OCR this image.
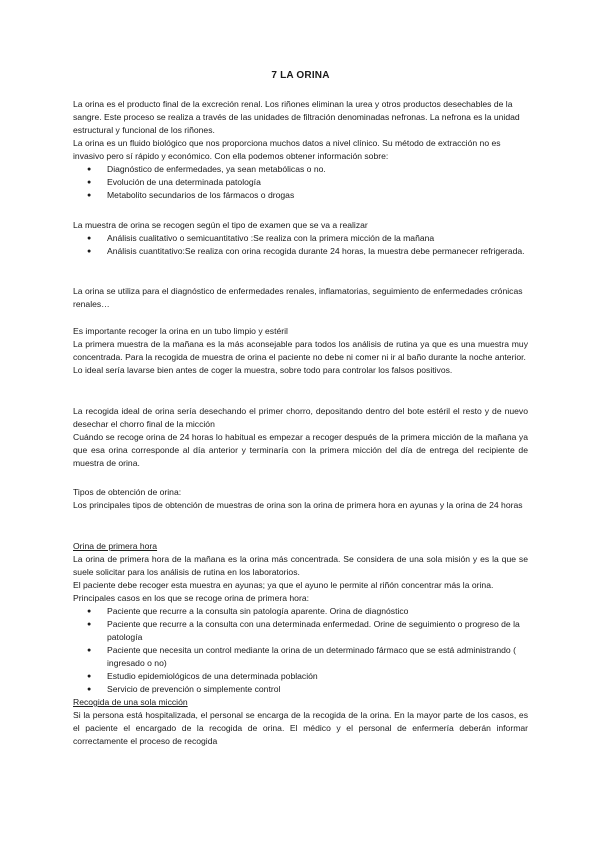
7 LA ORINA

La orina es el producto final de la excreción renal. Los riñones eliminan la urea y otros productos desechables de la sangre. Este proceso se realiza a través de las unidades de filtración denominadas nefronas. La nefrona es la unidad estructural y funcional de los riñones.

La orina es un fluido biológico que nos proporciona muchos datos a nivel clínico. Su método de extracción no es invasivo pero sí rápido y económico. Con ella podemos obtener información sobre:

● Diagnóstico de enfermedades, ya sean metabólicas o no.
● Evolución de una determinada patología
● Metabolito secundarios de los fármacos o drogas

La muestra de orina se recogen según el tipo de examen que se va a realizar

● Análisis cualitativo o semicuantitativo :Se realiza con la primera micción de la mañana
● Análisis cuantitativo:Se realiza con orina recogida durante 24 horas, la muestra debe permanecer refrigerada.

La orina se utiliza para el diagnóstico de enfermedades renales, inflamatorias, seguimiento de enfermedades crónicas renales…

Es importante recoger la orina en un tubo limpio y estéril

La primera muestra de la mañana es la más aconsejable para todos los análisis de rutina ya que es una muestra muy concentrada. Para la recogida de muestra de orina el paciente no debe ni comer ni ir al baño durante la noche anterior.

Lo ideal sería lavarse bien antes de coger la muestra, sobre todo para controlar los falsos positivos.

La recogida ideal de orina sería desechando el primer chorro, depositando dentro del bote estéril el resto y de nuevo desechar el chorro final de la micción

Cuándo se recoge orina de 24 horas lo habitual es empezar a recoger después de la primera micción de la mañana ya que esa orina corresponde al día anterior y terminaría con la primera micción del día de entrega del recipiente de muestra de orina.

Tipos de obtención de orina:

Los principales tipos de obtención de muestras de orina son la orina de primera hora en ayunas y la orina de 24 horas

Orina de primera hora

La orina de primera hora de la mañana es la orina más concentrada. Se considera de una sola misión y es la que se suele solicitar para los análisis de rutina en los laboratorios.

El paciente debe recoger esta muestra en ayunas; ya que el ayuno le permite al riñón concentrar más la orina.

Principales casos en los que se recoge orina de primera hora:

● Paciente que recurre a la consulta sin patología aparente. Orina de diagnóstico
● Paciente que recurre a la consulta con una determinada enfermedad. Orine de seguimiento o progreso de la patología
● Paciente que necesita un control mediante la orina de un determinado fármaco que se está administrando ( ingresado o no)
● Estudio epidemiológicos de una determinada población
● Servicio de prevención o simplemente control

Recogida de una sola micción

Si la persona está hospitalizada, el personal se encarga de la recogida de la orina. En la mayor parte de los casos, es el paciente el encargado de la recogida de orina. El médico y el personal de enfermería deberán informar correctamente el proceso de recogida
